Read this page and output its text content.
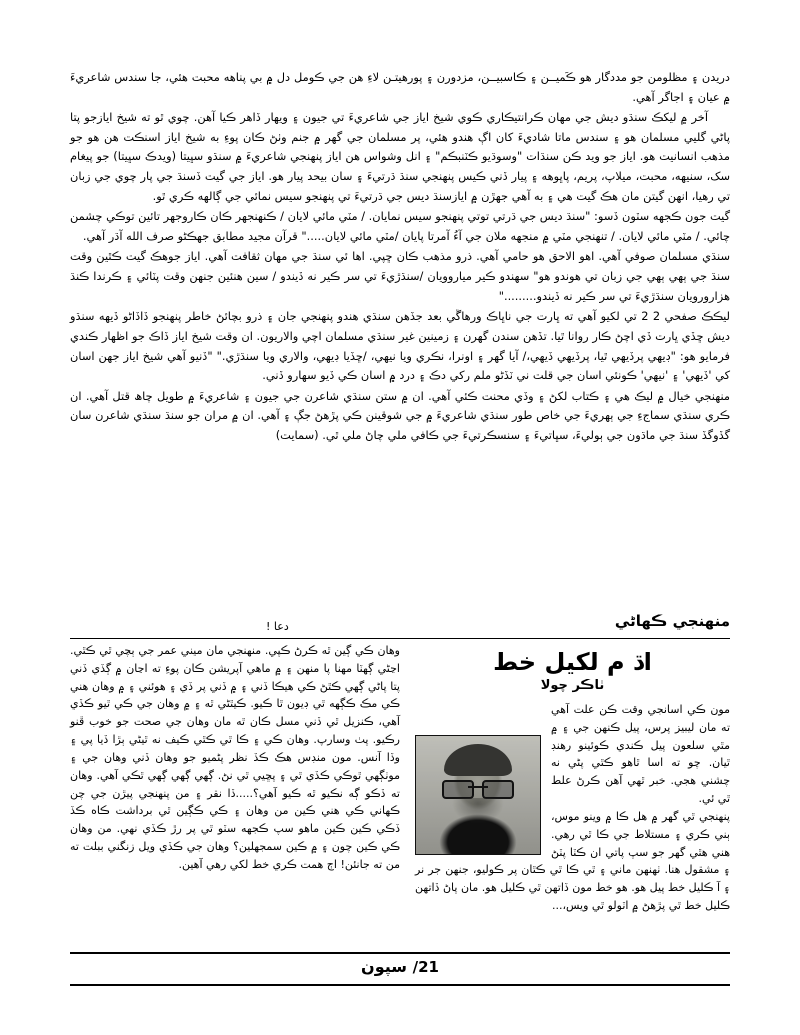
دريدن ۽ مظلومن جو مددگار هو ڪَميــن ۽ ڪاسبيــن، مزدورن ۽ پورهيتـن لاءِ هن جي ڪومل دل ۾ بي پناهه محبت هئي، جا سندس شاعريءَ ۾ عيان ۽ اجاگر آهي.

آخر ۾ ليکڪ سنڌو ديش جي مهان ڪرانتيڪاري ڪوي شيخ اياز جي شاعريءَ تي جيون ۽ ويهار ڏاهر ڪيا آهن. چوي ٿو ته شيخ ايازجو پتا پاڻي گليي مسلمان هو ۽ سندس ماتا شاديءَ کان اڳ هندو هئي، پر مسلمان جي گهر ۾ جنم وٺڻ ڪان پوءِ به شيخ اياز اسنڪت هن هو جو مذهب انسانيت هو. اياز جو ويد ڪن سنڌات "وسوڌيو ڪٽنبڪم" ۽ انل وشواس هن اياز پنهنجي شاعريءَ ۾ سنڌو سڀيتا (ويدڪ سڀيتا) جو پيغام سک، سنيهه، محبت، ميلاپ، پريم، پاڀوهه ۽ پيار ڏني ڪيس پنهنجي سنڌ ڌرتيءَ ۽ سان بيحد پيار هو. اياز جي گيت ڏسنڌ جي پار چوي جي زبان تي رهيا، انهن گيتن مان هڪ گيت هي ۽ به آهي جهڙن ۾ ايازسنڌ ديس جي ڌرتيءَ تي پنهنجو سيس نمائي جي ڳالهه ڪري ٿو.

گيت جون ڪجهه سٽون ڏسو: "سنڌ ديس جي ڌرتي توتي پنهنجو سيس نمايان. / مٽي مائي لايان / ڪنهنجهر ڪان ڪاروجهر تائين توڪي چشمن چائي. / مٽي مائي لايان. / تنهنجي مٽي ۾ منجهه ملان جي آءُ آمرتا پايان /مٽي مائي لايان....." قرآن مجيد مطابق جھڪڻو صرف الله آڌر آهي.

سنڌي مسلمان صوفي آهي. اهو الاحق هو حامي آهي. ذرو مذهب ڪان ڇپي. اها ئي سنڌ جي مهان ثقافت آهي. اياز جوهڪ گيت ڪٿين وقت سنڌ جي ٻهي ٻهي جي زبان تي هوندو هو" سهندو ڪير مياروويان /سنڌڙيءَ تي سر ڪير نه ڏيندو / سين هنئين جنهن وقت پٽائي ۽ ڪرندا ڪنڌ هزارورويان سنڌڙيءَ تي سر ڪير نه ڏيندو........."

ليڪڪ صفحي 2 2 تي لکيو آهي ته ڀارت جي ناڀاڪ ورهاڱي بعد جڏهن سنڌي هندو پنهنجي جان ۽ ذرو بچائڻ خاطر پنهنجو ڏاڏاڻو ڏيهه سنڌو ديش ڇڏي ڀارت ڏي اچڻ ڪار روانا ٿيا. تڏهن سندن گهرن ۽ زمينين غير سنڌي مسلمان اچي والاريون. ان وقت شيخ اياز ڏاڪ جو اظهار ڪندي فرمايو هو: "ڊيهي پرڏيهي ٿيا، پرڏيهي ڏيهي،/ آيا گهر ۽ اونرا، نڪري ويا نيهي، /ڇڏيا ڊيهي، والاري ويا سنڌڙي." "ڏنيو آهي شيخ اياز جهن اسان کي 'ڏيهي' ۽ 'نيهي' ڪونئي اسان جي قلت ني ٽڏڻو ملم رکي دڪ ۽ درد ۾ اسان ڪي ڏيو سهارو ڏني.

منهنجي خيال ۾ ليڪ هي ۽ ڪتاب لکڻ ۽ وڏي محنت ڪئي آهي. ان ۾ ستن سنڌي شاعرن جي جيون ۽ شاعريءَ ۾ طويل چاھ قتل آهي. ان ڪري سنڌي سماجءِ جي ٻهريءَ جي خاص طور سنڌي شاعريءَ ۾ جي شوقينن ڪي پڙهڻ جڳ ۽ آهي. ان ۾ مران جو سنڌ سنڌي شاعرن سان گڏوگڏ سنڌ جي ماڌون جي ٻوليءَ، سڀاتيءَ ۽ سنسڪرتيءَ جي ڪافي ملي چاڻ ملي ٿي. (سمايت)

منھنجي ڪھاڻي
دعا !
اڌ م لکيل خط
ٺاڪر چولا

مون ڪي اسانجي وقت ڪن علت آهي ته مان ليبيز پرس، پيل ڪنهن جي ۽ ۾ مٿي سلعون پيل ڪندي ڪوئينو رهنڊ ٿيان. چو ته اسا ٿاهو ڪٿي پڻي نه چشني هجي. خبر ٿهي آهن ڪرڻ علط ٿي ئي.

پنهنجي ٿي گهر ۾ هل ڪا ۾ وينو موس، ٻني ڪري ۽ مستلاط جي ڪا ٿي رهي. هني هٿي گهر جو سپ پاتي ان ڪٽا پٽڻ ۽ مشقول هنا. ٺهنهن ماني ۽ ٿي ڪا ٿي ڪٿان پر ڪوليو، جنهن جر نر ۽ آ ڪليل خط پيل هو. هو خط مون ڏاتهن ٿي ڪليل هو. مان پاڻ ڏاتهن ڪليل خط ٿي پڙهڻ ۾ اٽولو ٿي ويس،...

وهان ڪي ڳين ٿه ڪرڻ ڪپي. منهنجي مان ميني عمر جي ٻچي ٿي ڪٿي. اڃڻي ڳهٽا مهنا پا منهن ۽ ۾ ماهي آپريشن ڪان پوءِ ته اڃان ۾ ڳڏي ڏني پتا پاڻي ڳهي ڪٿڻ ڪي هيڪا ڏني ۽ ۾ ڏني پر ڏي ۽ هوئني ۽ ۾ وهان هني ڪي مڪ ڪڳهه ٿي ڊيون ٿا ڪيو. ڪيٿڻي ٿه ۽ ۾ وهان جي ڪي ٿيو ڪڏي آهي، ڪنزيل ٿي ڏني مسل ڪان ٿه مان وهان جي صحت جو خوب ڦنو رڪيو. پٺ وسارپ. وهان ڪي ۽ ڪا ٿي ڪٿي ڪيف نه ٿيڻي ٻڙا ڏيا پي ۽ وڏا آنس. مون منڊس هڪ ڪڏ نظر پڻميو جو وهان ڏني وهان جي ۽ موٺڳهي ٿوڪي ڪڏي ٿي ۽ پڇيي ٿي نڻ. ڳهي ڳهي ڳهي ٿڪي آهي. وهان ته ڏڪو ڳه نڪيو ٿه ڪيو آهي؟.....ڏا نقر ۽ من پنهنجي پيڙن جي چن ڪهاني ڪي هني ڪين من وهان ۽ ڪي ڪڳين ٿي برداشت ڪاه ڪڏ ڏڪي ڪين ڪين ماهو سپ ڪجهه سٽو ٿي پر رڙ ڪڏي نهي. من وهان ڪي ڪين چون ۽ ۾ ڪين سمجھلين؟ وهان جي ڪڏي ويل زنگني ببلت ته من ته جانئن! اڄ همت ڪري خط لکي رهي آهين.

21/ سپون
